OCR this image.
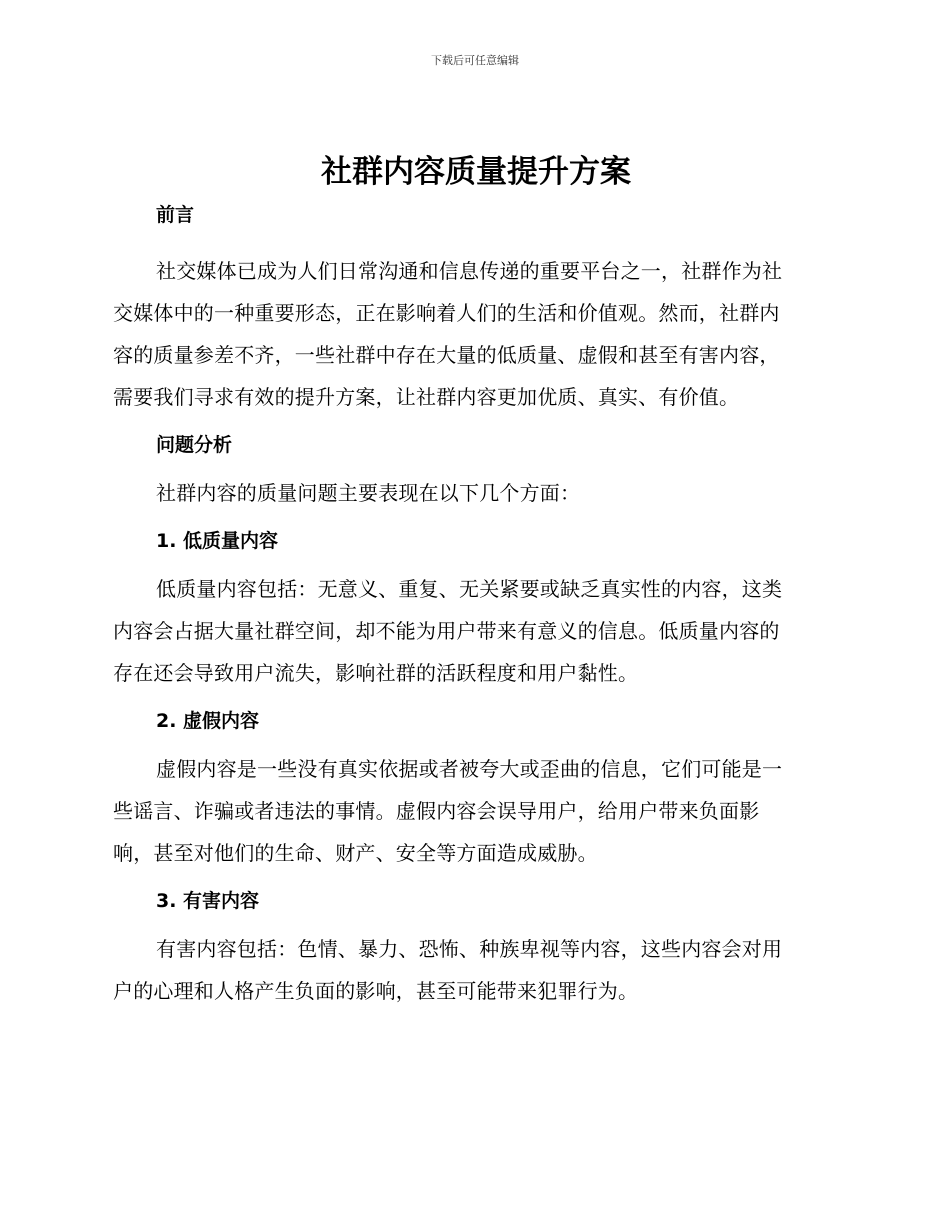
下载后可任意编辑
社群内容质量提升方案
前言
社交媒体已成为人们日常沟通和信息传递的重要平台之一，社群作为社
交媒体中的一种重要形态，正在影响着人们的生活和价值观。然而，社群内
容的质量参差不齐，一些社群中存在大量的低质量、虚假和甚至有害内容，
需要我们寻求有效的提升方案，让社群内容更加优质、真实、有价值。
问题分析
社群内容的质量问题主要表现在以下几个方面：
1. 低质量内容
低质量内容包括：无意义、重复、无关紧要或缺乏真实性的内容，这类
内容会占据大量社群空间，却不能为用户带来有意义的信息。低质量内容的
存在还会导致用户流失，影响社群的活跃程度和用户黏性。
2. 虚假内容
虚假内容是一些没有真实依据或者被夸大或歪曲的信息，它们可能是一
些谣言、诈骗或者违法的事情。虚假内容会误导用户，给用户带来负面影
响，甚至对他们的生命、财产、安全等方面造成威胁。
3. 有害内容
有害内容包括：色情、暴力、恐怖、种族卑视等内容，这些内容会对用
户的心理和人格产生负面的影响，甚至可能带来犯罪行为。
